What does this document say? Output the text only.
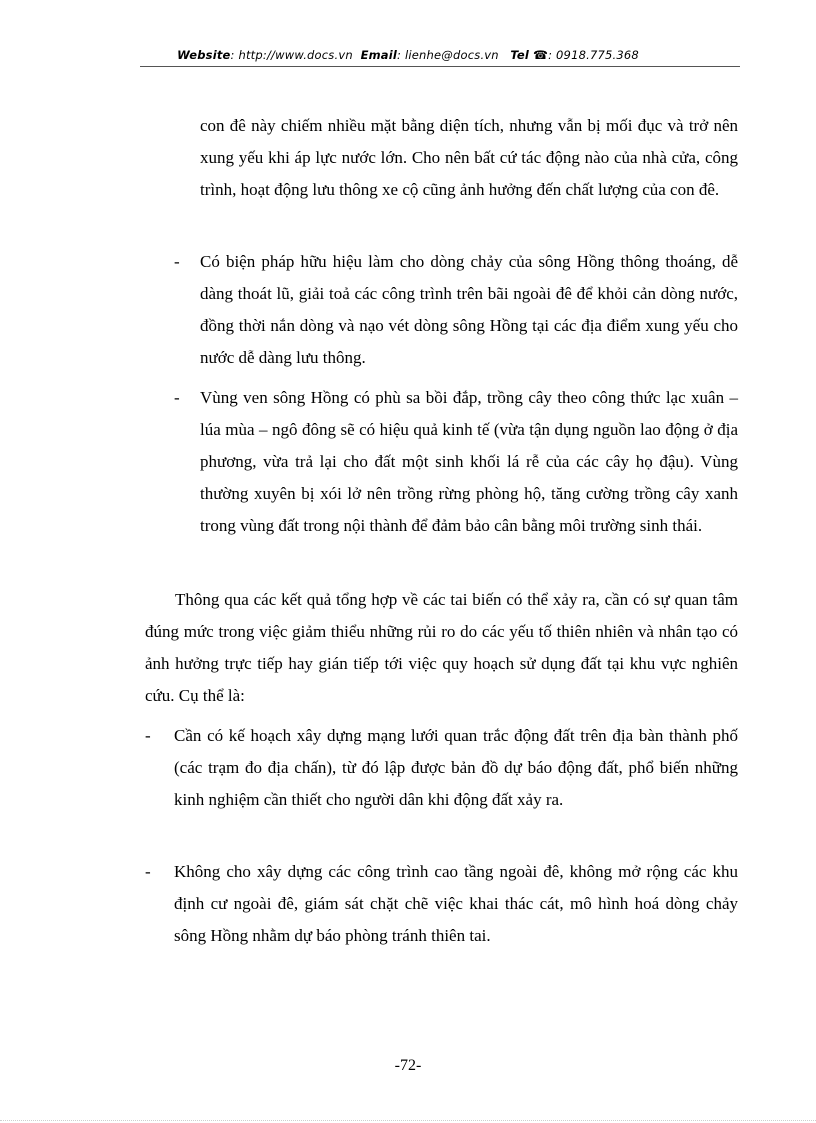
Website: http://www.docs.vn Email: lienhe@docs.vn Tel ☎: 0918.775.368

con đê này chiếm nhiều mặt bằng diện tích, nhưng vẫn bị mối đục và trở nên xung yếu khi áp lực nước lớn. Cho nên bất cứ tác động nào của nhà cửa, công trình, hoạt động lưu thông xe cộ cũng ảnh hưởng đến chất lượng của con đê.

-	Có biện pháp hữu hiệu làm cho dòng chảy của sông Hồng thông thoáng, dễ dàng thoát lũ, giải toả các công trình trên bãi ngoài đê để khỏi cản dòng nước, đồng thời nắn dòng và nạo vét dòng sông Hồng tại các địa điểm xung yếu cho nước dễ dàng lưu thông.

-	Vùng ven sông Hồng có phù sa bồi đắp, trồng cây theo công thức lạc xuân – lúa mùa – ngô đông sẽ có hiệu quả kinh tế (vừa tận dụng nguồn lao động ở địa phương, vừa trả lại cho đất một sinh khối lá rễ của các cây họ đậu). Vùng thường xuyên bị xói lở nên trồng rừng phòng hộ, tăng cường trồng cây xanh trong vùng đất trong nội thành để đảm bảo cân bằng môi trường sinh thái.

Thông qua các kết quả tổng hợp về các tai biến có thể xảy ra, cần có sự quan tâm đúng mức trong việc giảm thiểu những rủi ro do các yếu tố thiên nhiên và nhân tạo có ảnh hưởng trực tiếp hay gián tiếp tới việc quy hoạch sử dụng đất tại khu vực nghiên cứu. Cụ thể là:

-	Cần có kế hoạch xây dựng mạng lưới quan trắc động đất trên địa bàn thành phố (các trạm đo địa chấn), từ đó lập được bản đồ dự báo động đất, phổ biến những kinh nghiệm cần thiết cho người dân khi động đất xảy ra.

-	Không cho xây dựng các công trình cao tầng ngoài đê, không mở rộng các khu định cư ngoài đê, giám sát chặt chẽ việc khai thác cát, mô hình hoá dòng chảy sông Hồng nhằm dự báo phòng tránh thiên tai.

-72-
